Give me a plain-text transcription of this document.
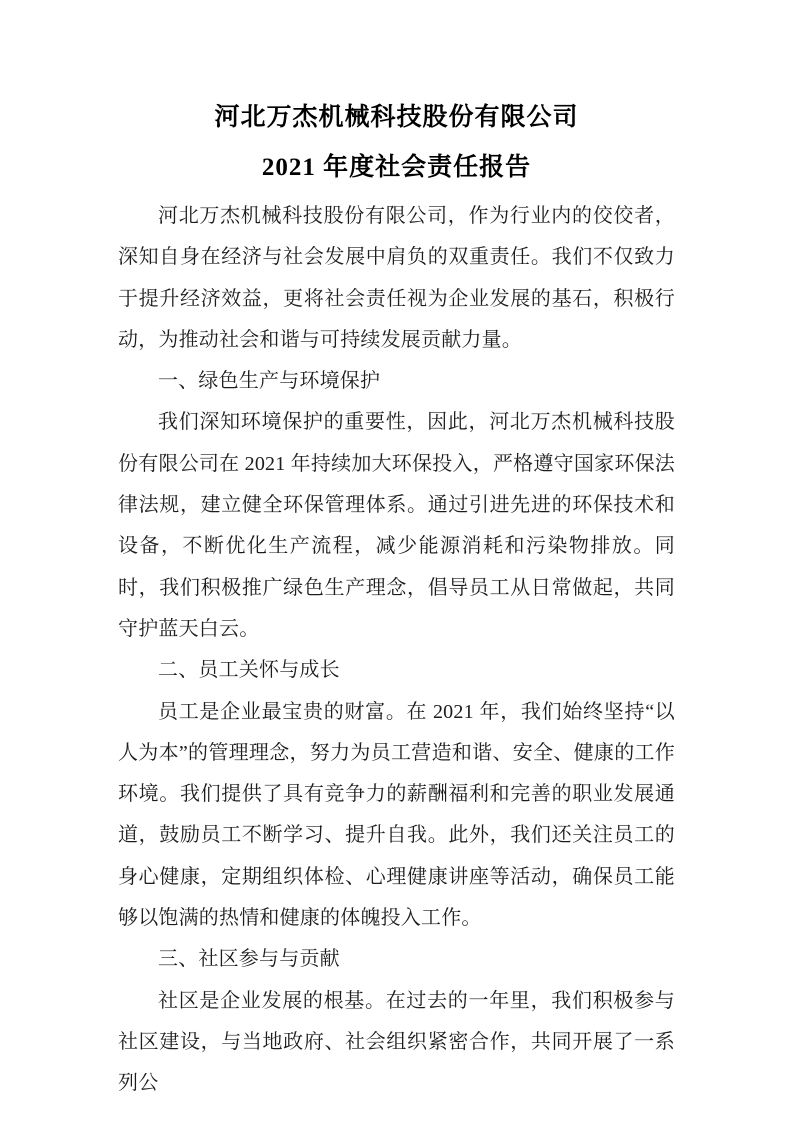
河北万杰机械科技股份有限公司
2021 年度社会责任报告

河北万杰机械科技股份有限公司，作为行业内的佼佼者，深知自身在经济与社会发展中肩负的双重责任。我们不仅致力于提升经济效益，更将社会责任视为企业发展的基石，积极行动，为推动社会和谐与可持续发展贡献力量。

一、绿色生产与环境保护

我们深知环境保护的重要性，因此，河北万杰机械科技股份有限公司在 2021 年持续加大环保投入，严格遵守国家环保法律法规，建立健全环保管理体系。通过引进先进的环保技术和设备，不断优化生产流程，减少能源消耗和污染物排放。同时，我们积极推广绿色生产理念，倡导员工从日常做起，共同守护蓝天白云。

二、员工关怀与成长

员工是企业最宝贵的财富。在 2021 年，我们始终坚持“以人为本”的管理理念，努力为员工营造和谐、安全、健康的工作环境。我们提供了具有竞争力的薪酬福利和完善的职业发展通道，鼓励员工不断学习、提升自我。此外，我们还关注员工的身心健康，定期组织体检、心理健康讲座等活动，确保员工能够以饱满的热情和健康的体魄投入工作。

三、社区参与与贡献

社区是企业发展的根基。在过去的一年里，我们积极参与社区建设，与当地政府、社会组织紧密合作，共同开展了一系列公
